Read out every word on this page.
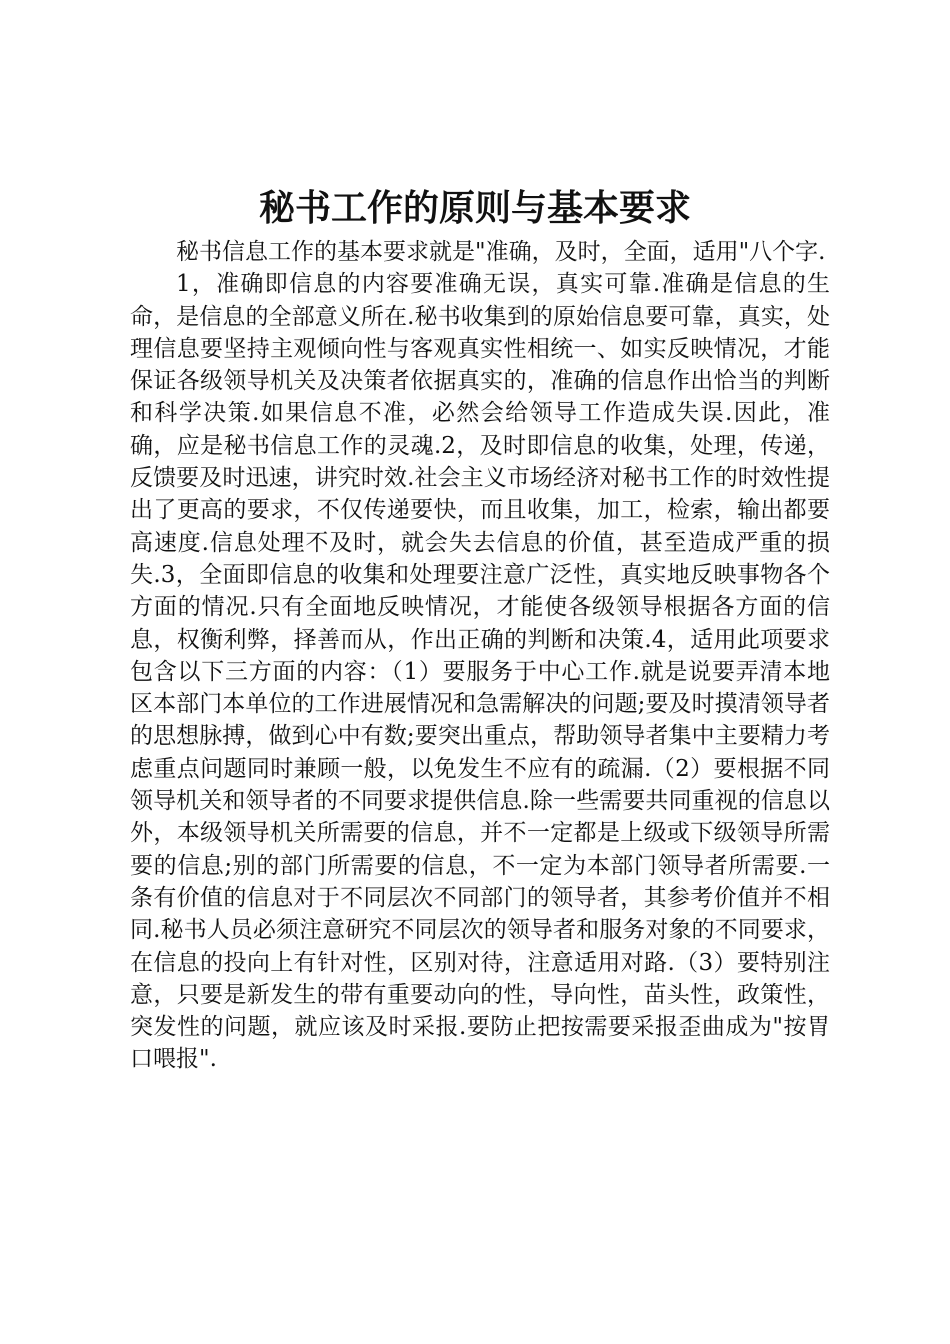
秘书工作的原则与基本要求

秘书信息工作的基本要求就是"准确，及时，全面，适用"八个字.

1，准确即信息的内容要准确无误，真实可靠.准确是信息的生命，是信息的全部意义所在.秘书收集到的原始信息要可靠，真实，处理信息要坚持主观倾向性与客观真实性相统一、如实反映情况，才能保证各级领导机关及决策者依据真实的，准确的信息作出恰当的判断和科学决策.如果信息不准，必然会给领导工作造成失误.因此，准确，应是秘书信息工作的灵魂.2，及时即信息的收集，处理，传递，反馈要及时迅速，讲究时效.社会主义市场经济对秘书工作的时效性提出了更高的要求，不仅传递要快，而且收集，加工，检索，输出都要高速度.信息处理不及时，就会失去信息的价值，甚至造成严重的损失.3，全面即信息的收集和处理要注意广泛性，真实地反映事物各个方面的情况.只有全面地反映情况，才能使各级领导根据各方面的信息，权衡利弊，择善而从，作出正确的判断和决策.4，适用此项要求包含以下三方面的内容：（1）要服务于中心工作.就是说要弄清本地区本部门本单位的工作进展情况和急需解决的问题;要及时摸清领导者的思想脉搏，做到心中有数;要突出重点，帮助领导者集中主要精力考虑重点问题同时兼顾一般，以免发生不应有的疏漏.（2）要根据不同领导机关和领导者的不同要求提供信息.除一些需要共同重视的信息以外，本级领导机关所需要的信息，并不一定都是上级或下级领导所需要的信息;别的部门所需要的信息，不一定为本部门领导者所需要.一条有价值的信息对于不同层次不同部门的领导者，其参考价值并不相同.秘书人员必须注意研究不同层次的领导者和服务对象的不同要求，在信息的投向上有针对性，区别对待，注意适用对路.（3）要特别注意，只要是新发生的带有重要动向的性，导向性，苗头性，政策性，突发性的问题，就应该及时采报.要防止把按需要采报歪曲成为"按胃口喂报".
